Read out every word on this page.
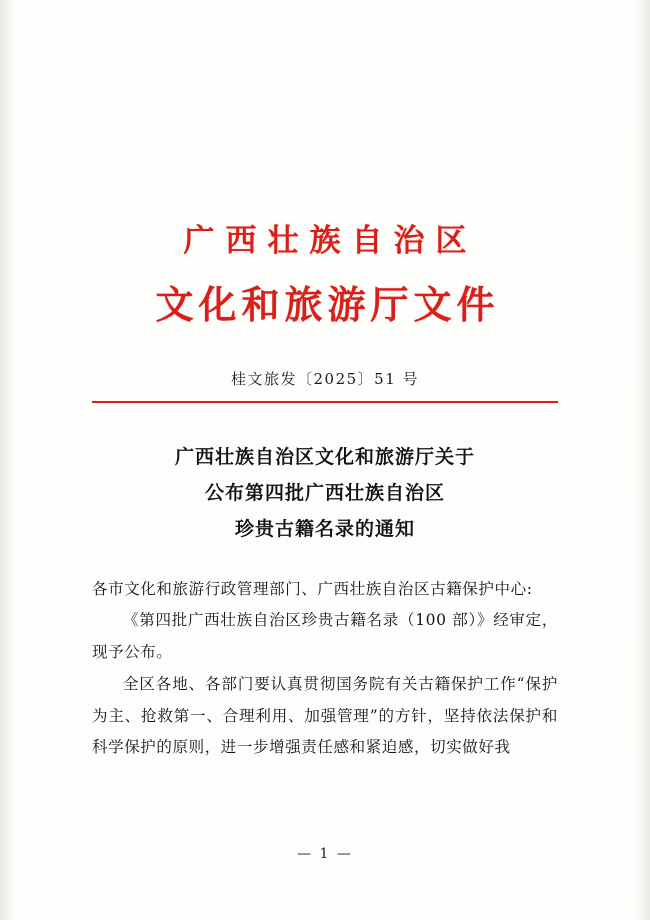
广西壮族自治区
文化和旅游厅文件
桂文旅发〔2025〕51 号
广西壮族自治区文化和旅游厅关于
公布第四批广西壮族自治区
珍贵古籍名录的通知

各市文化和旅游行政管理部门、广西壮族自治区古籍保护中心:

《第四批广西壮族自治区珍贵古籍名录（100 部）》经审定，现予公布。

全区各地、各部门要认真贯彻国务院有关古籍保护工作“保护为主、抢救第一、合理利用、加强管理”的方针，坚持依法保护和科学保护的原则，进一步增强责任感和紧迫感，切实做好我

— 1 —
